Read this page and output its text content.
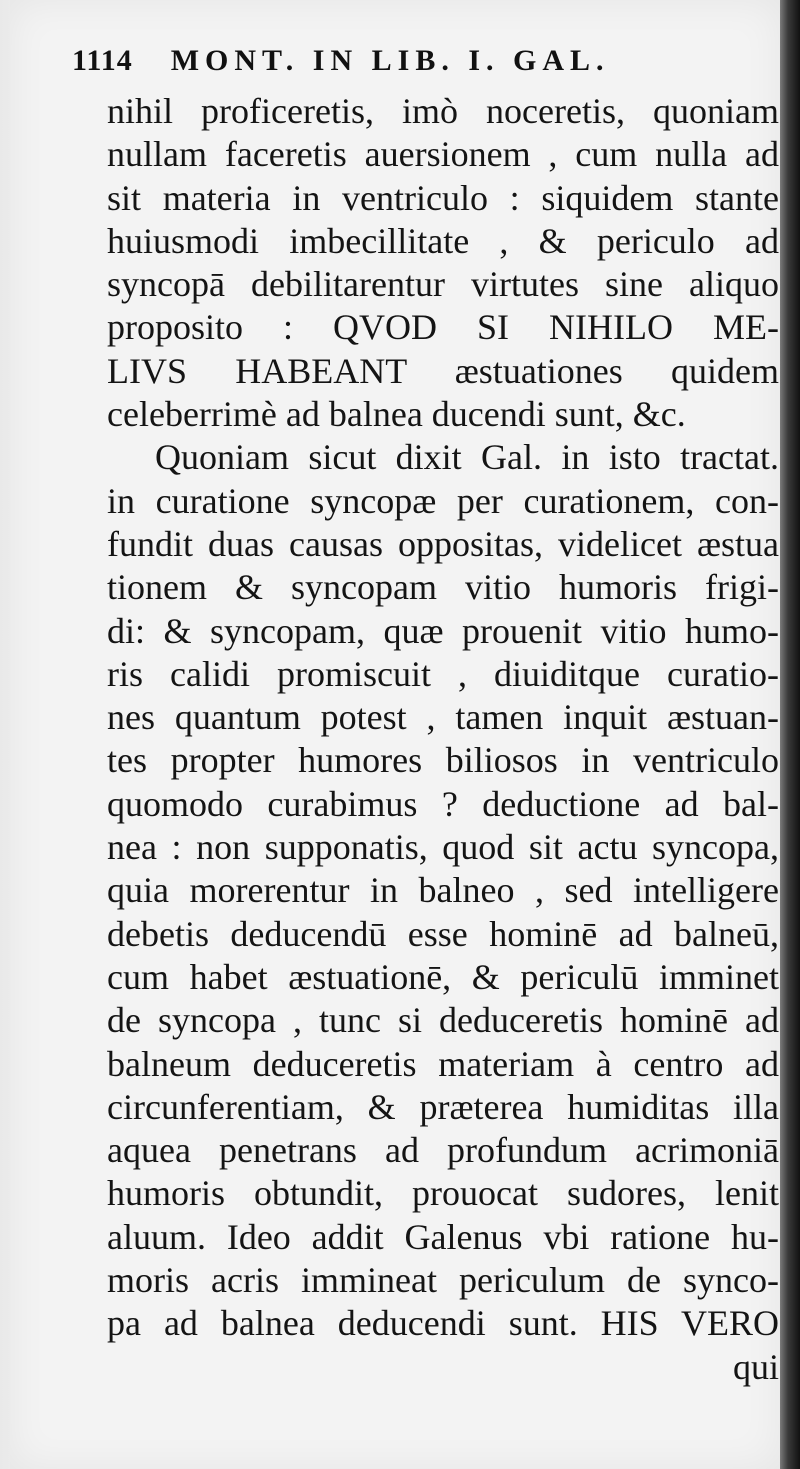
1114 MONT. IN LIB. I. GAL.
nihil proficeretis, imò noceretis, quoniam
nullam faceretis auersionem , cum nulla ad
sit materia in ventriculo : siquidem stante
huiusmodi imbecillitate , & periculo ad
syncopā debilitarentur virtutes sine aliquo
proposito : QVOD SI NIHILO ME-
LIVS HABEANT æstuationes quidem
celeberrimè ad balnea ducendi sunt, &c.
Quoniam sicut dixit Gal. in isto tractat.
in curatione syncopæ per curationem, con-
fundit duas causas oppositas, videlicet æstua
tionem & syncopam vitio humoris frigi-
di: & syncopam, quæ prouenit vitio humo-
ris calidi promiscuit , diuiditque curatio-
nes quantum potest , tamen inquit æstuan-
tes propter humores biliosos in ventriculo
quomodo curabimus ? deductione ad bal-
nea : non supponatis, quod sit actu syncopa,
quia morerentur in balneo , sed intelligere
debetis deducendū esse hominē ad balneū,
cum habet æstuationē, & periculū imminet
de syncopa , tunc si deduceretis hominē ad
balneum deduceretis materiam à centro ad
circunferentiam, & præterea humiditas illa
aquea penetrans ad profundum acrimoniā
humoris obtundit, prouocat sudores, lenit
aluum. Ideo addit Galenus vbi ratione hu-
moris acris immineat periculum de synco-
pa ad balnea deducendi sunt. HIS VERO
qui
